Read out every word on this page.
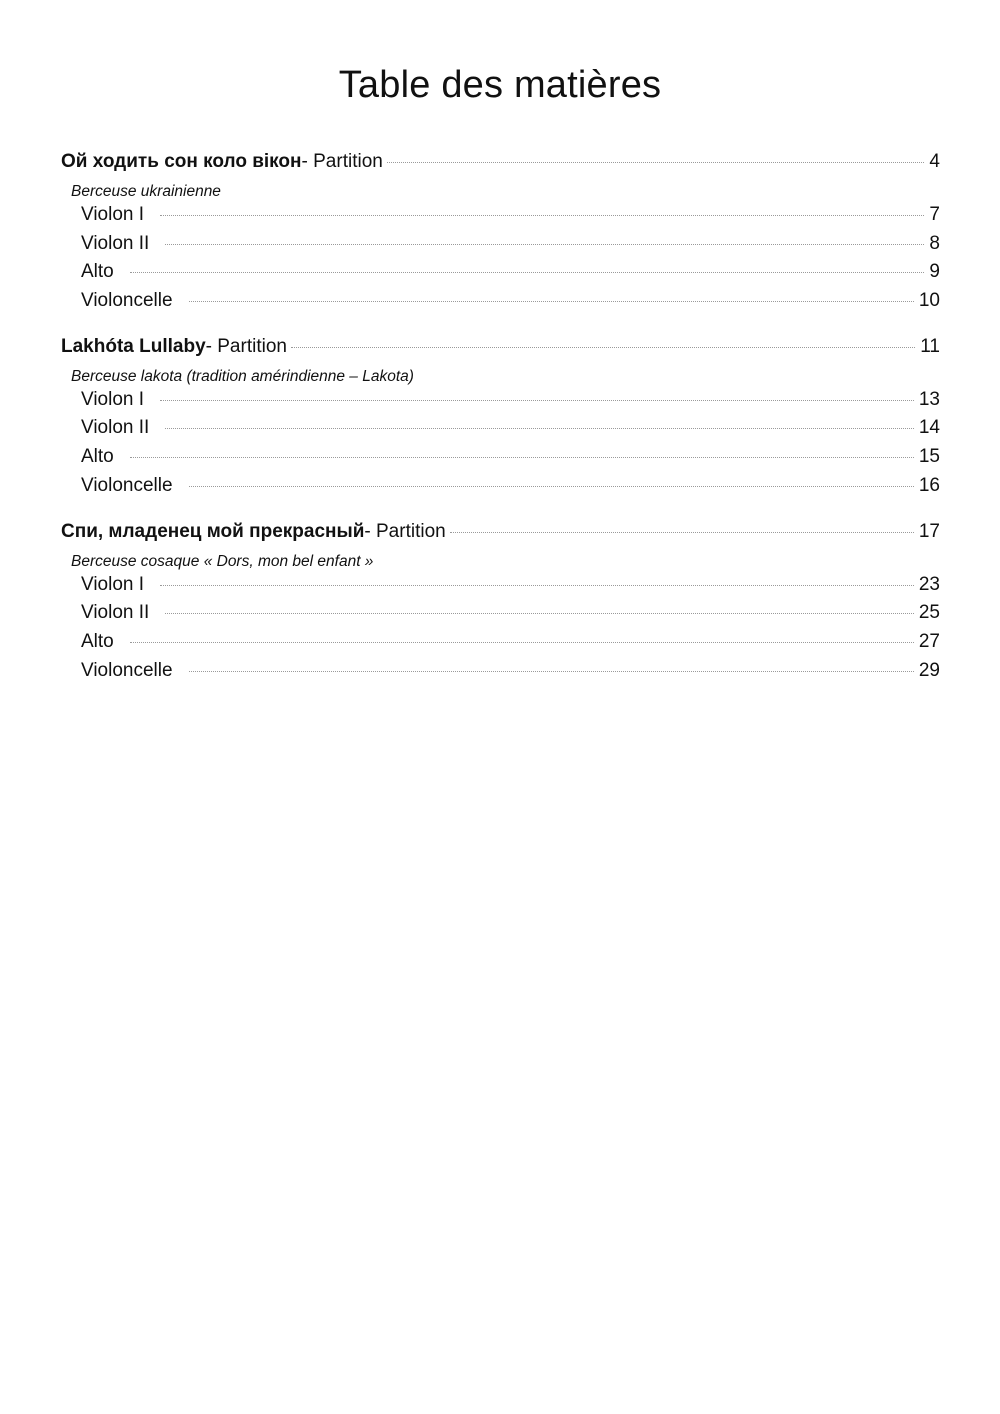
Table des matières
Ой ходить сон коло вікон - Partition	4
Berceuse ukrainienne
Violon I	7
Violon II	8
Alto	9
Violoncelle	10
Lakhóta Lullaby - Partition	11
Berceuse lakota (tradition amérindienne – Lakota)
Violon I	13
Violon II	14
Alto	15
Violoncelle	16
Спи, младенец мой прекрасный - Partition	17
Berceuse cosaque « Dors, mon bel enfant »
Violon I	23
Violon II	25
Alto	27
Violoncelle	29
